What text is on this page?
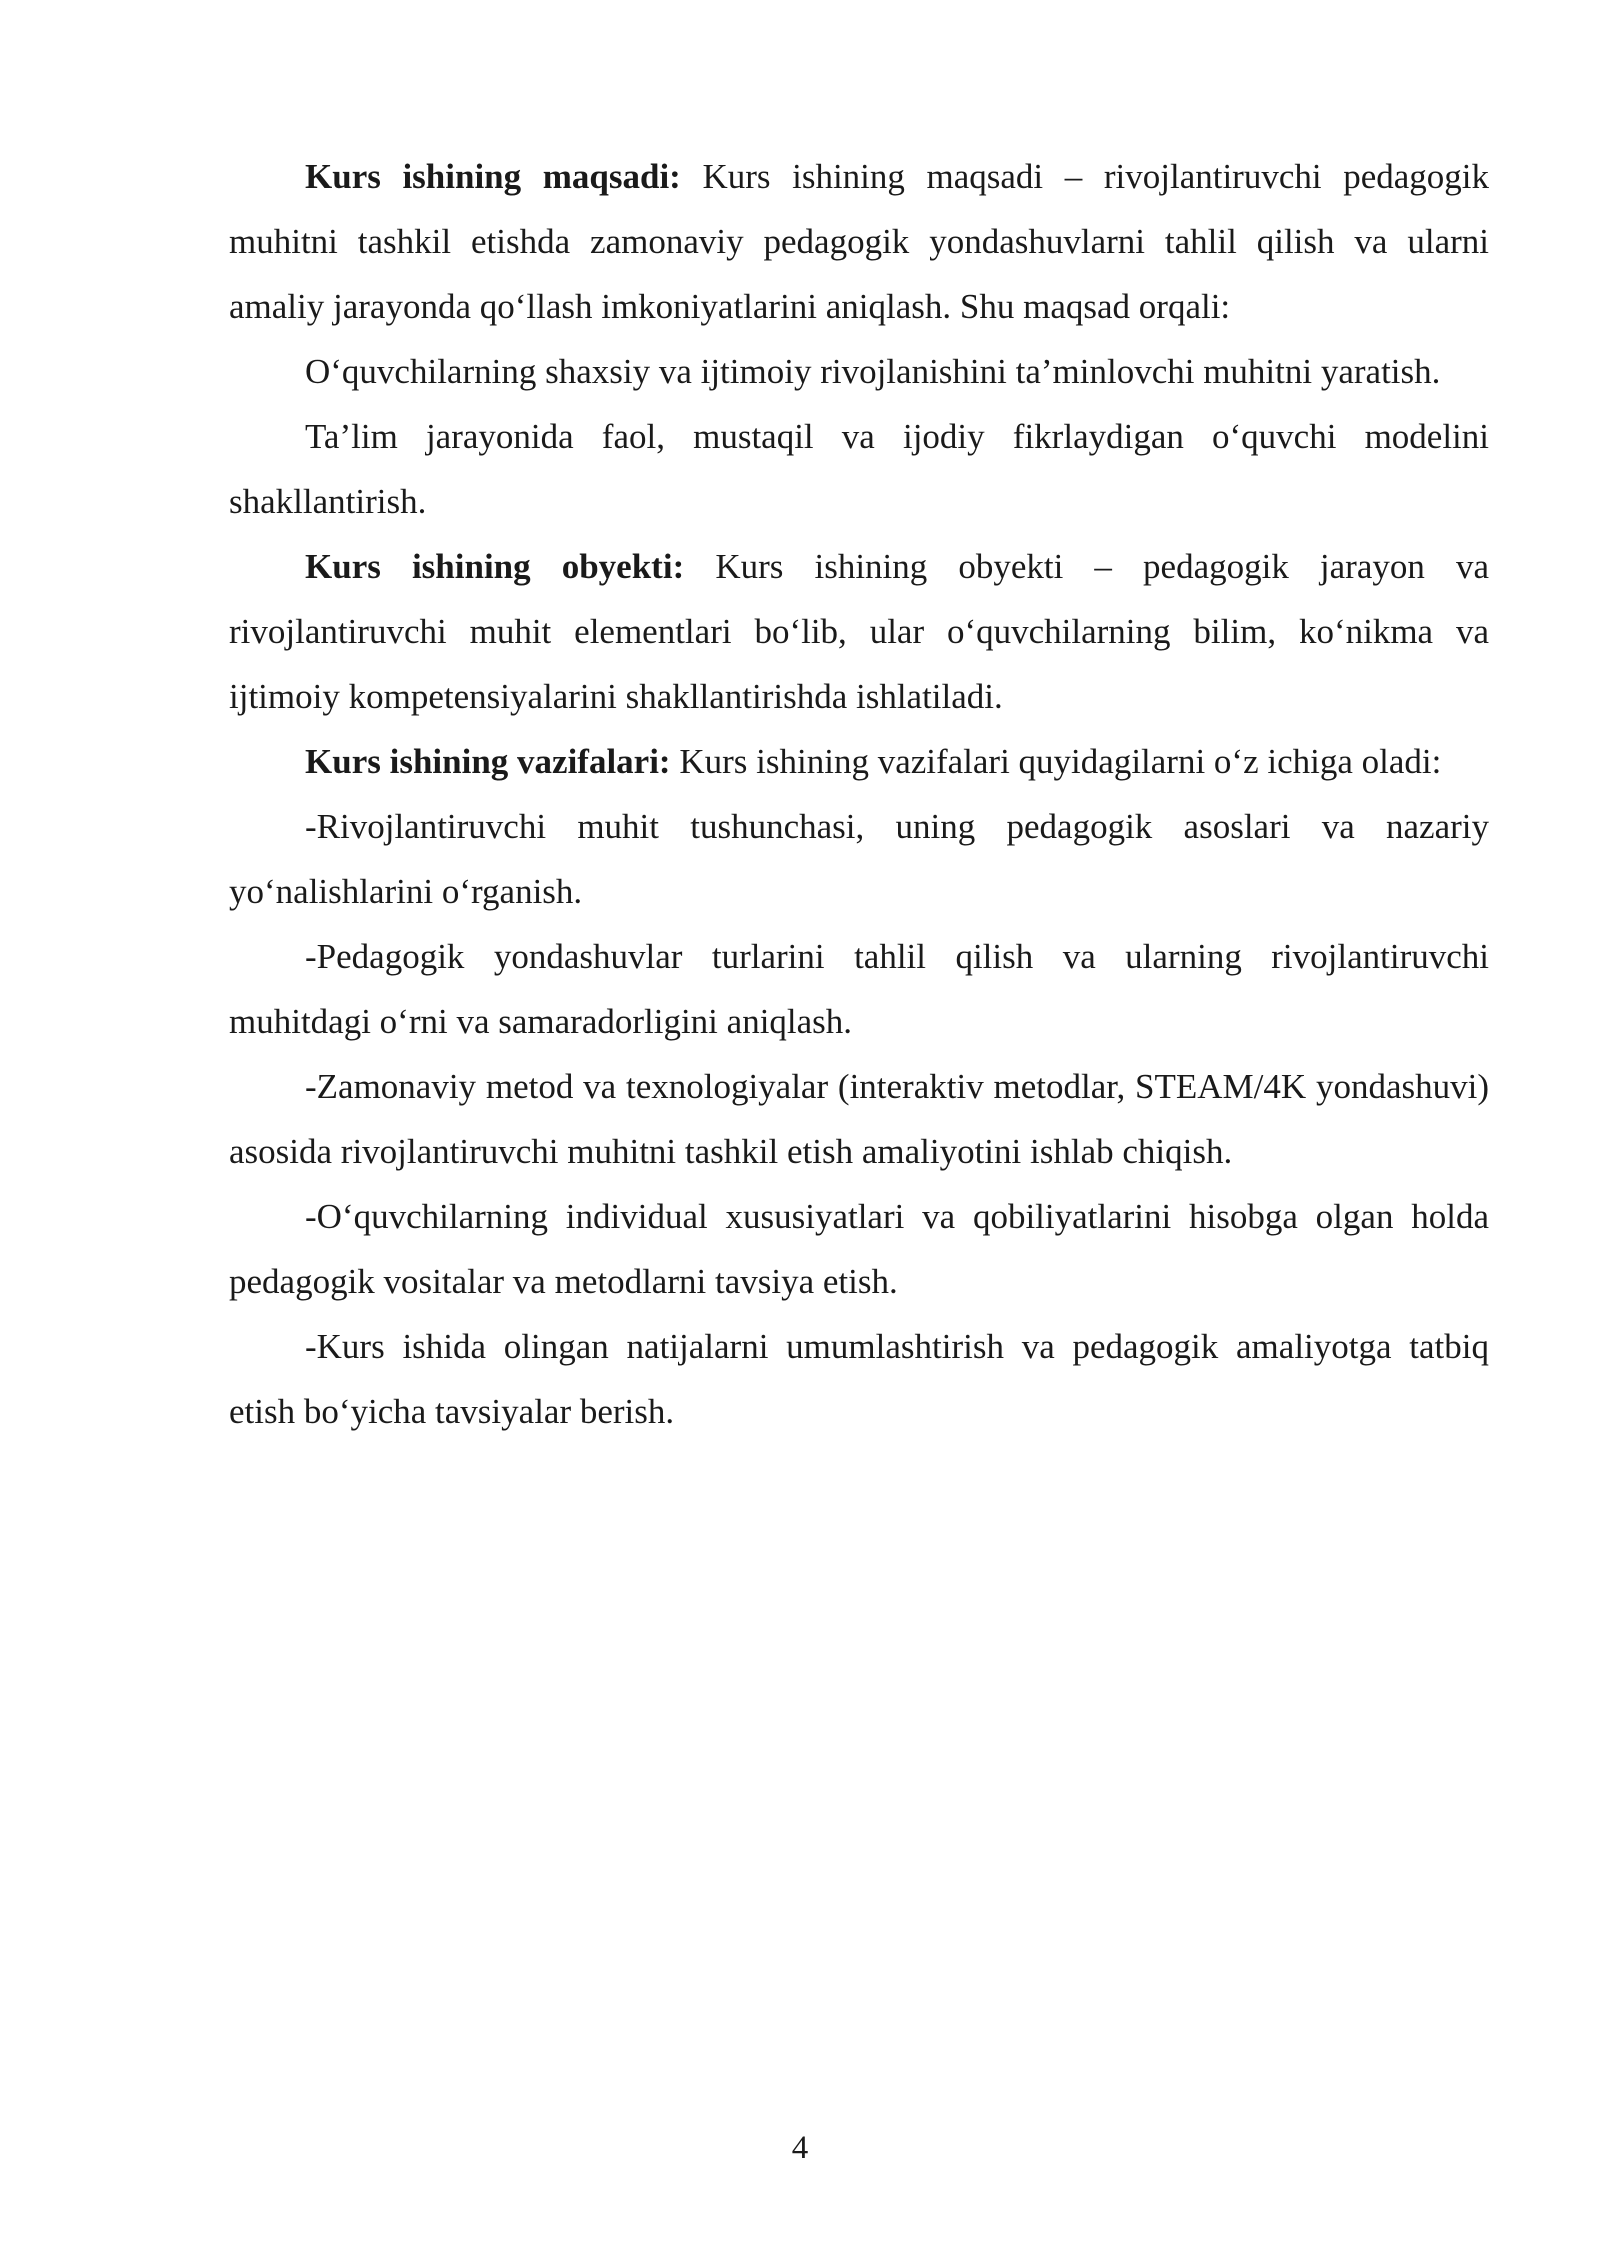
Kurs ishining maqsadi: Kurs ishining maqsadi – rivojlantiruvchi pedagogik muhitni tashkil etishda zamonaviy pedagogik yondashuvlarni tahlil qilish va ularni amaliy jarayonda qo‘llash imkoniyatlarini aniqlash. Shu maqsad orqali:

O‘quvchilarning shaxsiy va ijtimoiy rivojlanishini ta’minlovchi muhitni yaratish.

Ta’lim jarayonida faol, mustaqil va ijodiy fikrlaydigan o‘quvchi modelini shakllantirish.

Kurs ishining obyekti: Kurs ishining obyekti – pedagogik jarayon va rivojlantiruvchi muhit elementlari bo‘lib, ular o‘quvchilarning bilim, ko‘nikma va ijtimoiy kompetensiyalarini shakllantirishda ishlatiladi.

Kurs ishining vazifalari: Kurs ishining vazifalari quyidagilarni o‘z ichiga oladi:

-Rivojlantiruvchi muhit tushunchasi, uning pedagogik asoslari va nazariy yo‘nalishlarini o‘rganish.

-Pedagogik yondashuvlar turlarini tahlil qilish va ularning rivojlantiruvchi muhitdagi o‘rni va samaradorligini aniqlash.

-Zamonaviy metod va texnologiyalar (interaktiv metodlar, STEAM/4K yondashuvi) asosida rivojlantiruvchi muhitni tashkil etish amaliyotini ishlab chiqish.

-O‘quvchilarning individual xususiyatlari va qobiliyatlarini hisobga olgan holda pedagogik vositalar va metodlarni tavsiya etish.

-Kurs ishida olingan natijalarni umumlashtirish va pedagogik amaliyotga tatbiq etish bo‘yicha tavsiyalar berish.

4
